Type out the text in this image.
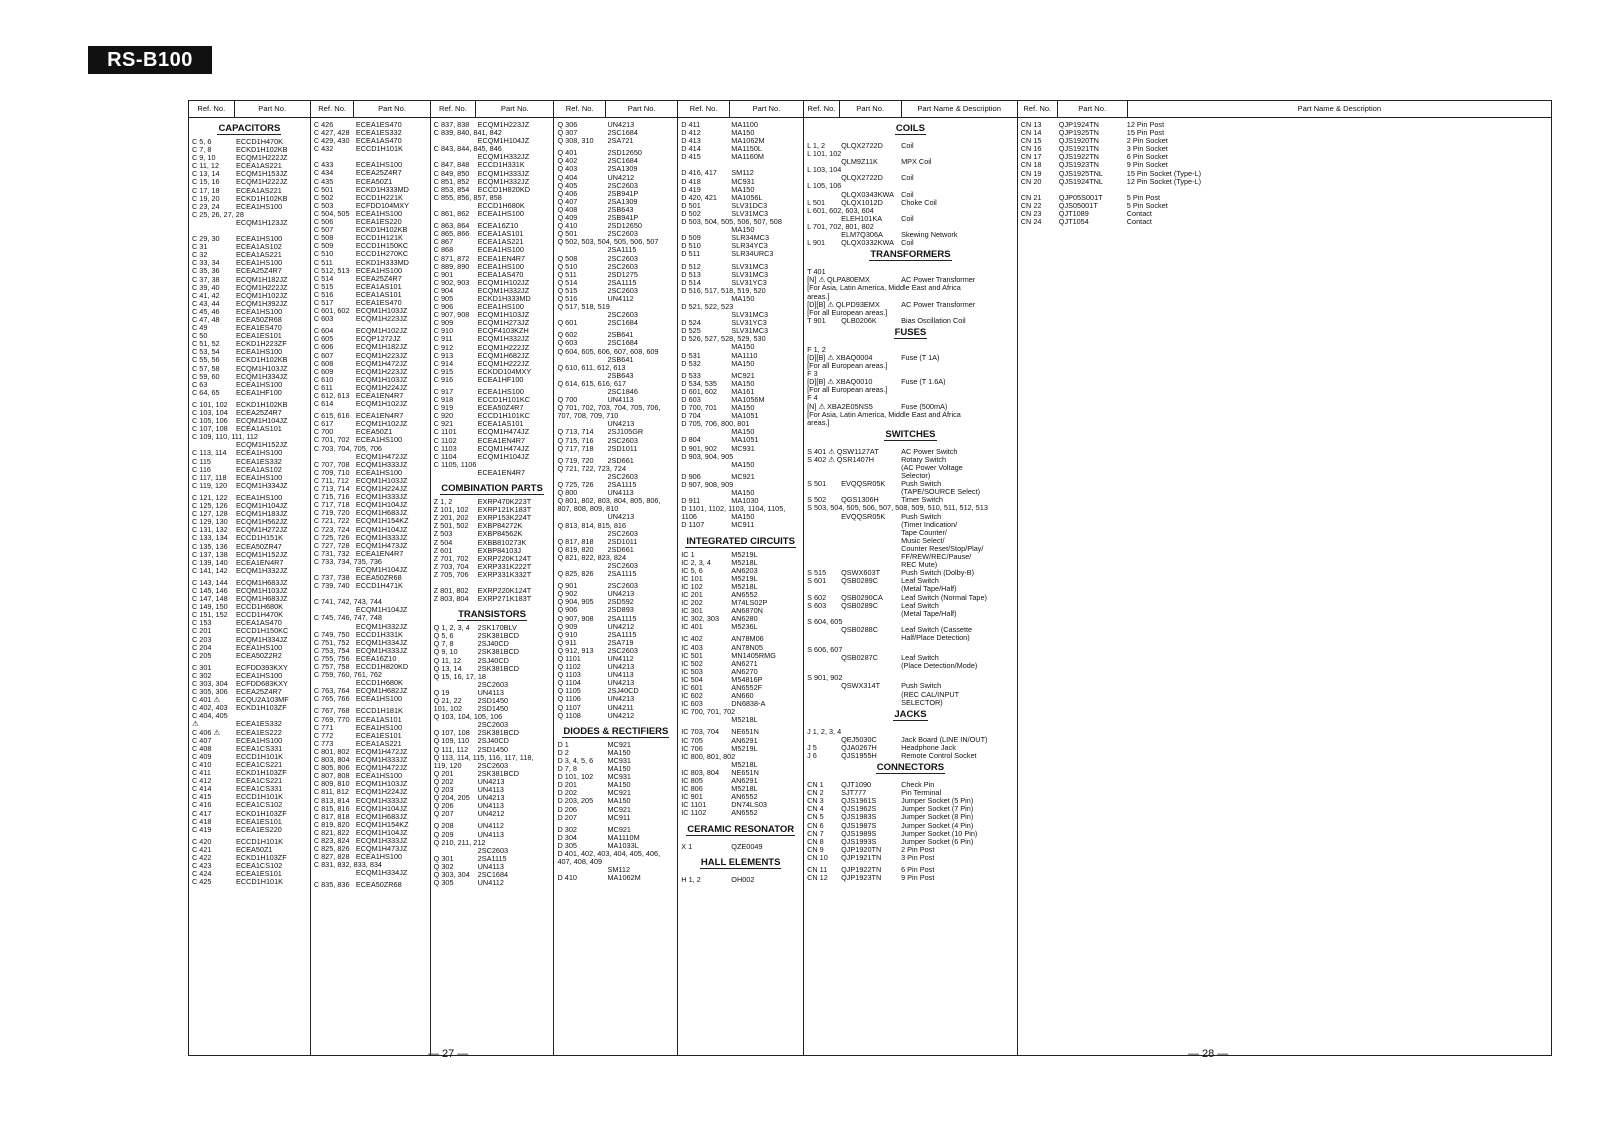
RS-B100
Ref. No.	Part No.
CAPACITORS
C 5, 6	ECCD1H470K
C 7, 8	ECKD1H102KB
C 9, 10	ECQM1H222JZ
C 11, 12 ECEA1AS221
C 13, 14 ECQM1H153JZ
C 15, 16 ECQM1H222JZ
C 17, 18 ECEA1AS221
C 19, 20 ECKD1H102KB
C 23, 24 ECEA1HS100
C 25, 26, 27, 28
ECQM1H123JZ
C 29, 30 ECEA1HS100
C 31	ECEA1AS102
C 32	ECEA1AS221
C 33, 34 ECEA1HS100
C 35, 36 ECEA25Z4R7
C 37, 38 ECQM1H182JZ
C 39, 40 ECQM1H222JZ
C 41, 42 ECQM1H102JZ
C 43, 44 ECQM1H392JZ
C 45, 46 ECEA1HS100
C 47, 48 ECEA50ZR68
C 49	ECEA1ES470
C 50	ECEA1ES101
C 51, 52 ECKD1H223ZF
C 53, 54 ECEA1HS100
C 55, 56 ECKD1H102KB
C 57, 58 ECQM1H103JZ
C 59, 60 ECQM1H334JZ
C 63	ECEA1HS100
C 64, 65 ECEA1HF100
C 101, 102 ECKD1H102KB
C 103, 104 ECEA25Z4R7
C 105, 106 ECQM1H104JZ
C 107, 108 ECEA1AS101
C 109, 110, 111, 112
ECQM1H152JZ
C 113, 114 ECEA1HS100
C 115	ECEA1ES332
C 116	ECEA1AS102
C 117, 118 ECEA1HS100
C 119, 120 ECQM1H334JZ
C 121, 122 ECEA1HS100
C 125, 126 ECQM1H104JZ
C 127, 128 ECQM1H183JZ
C 129, 130 ECQM1H562JZ
C 131, 132 ECQM1H272JZ
C 133, 134 ECCD1H151K
C 135, 136 ECEA50ZR47
C 137, 138 ECQM1H152JZ
C 139, 140 ECEA1EN4R7
C 141, 142 ECQM1H332JZ
C 143, 144 ECQM1H683JZ
C 145, 146 ECQM1H103JZ
C 147, 148 ECQM1H683JZ
C 149, 150 ECCD1H680K
C 151, 152 ECCD1H470K
C 153	ECEA1AS470
C 201	ECCD1H150KC
C 203	ECQM1H334JZ
C 204	ECEA1HS100
C 205	ECEA50Z2R2
C 301	ECFDD393KXY
C 302	ECEA1HS100
C 303, 304 ECFDD683KXY
C 305, 306 ECEA25Z4R7
C 401 ⚠ ECQU2A103MF
C 402, 403 ECKD1H103ZF
C 404, 405
⚠	ECEA1ES332
C 406 ⚠ ECEA1ES222
C 407	ECEA1HS100
C 408	ECEA1CS331
C 409	ECCD1H101K
C 410	ECEA1CS221
C 411	ECKD1H103ZF
C 412	ECEA1CS221
C 414	ECEA1CS331
C 415	ECCD1H101K
C 416	ECEA1CS102
C 417	ECKD1H103ZF
C 418	ECEA1ES101
C 419	ECEA1ES220
C 420	ECCD1H101K
C 421	ECEA50Z1
C 422	ECKD1H103ZF
C 423	ECEA1CS102
C 424	ECEA1ES101
C 425	ECCD1H101K
Ref. No.	Part No.
C 426	ECEA1ES470
C 427, 428 ECEA1ES332
C 429, 430 ECEA1AS470
C 432	ECCD1H101K
C 433	ECEA1HS100
C 434	ECEA25Z4R7
C 435	ECEA50Z1
C 501	ECKD1H333MD
C 502	ECCD1H221K
C 503	ECFDD104MXY
C 504, 505 ECEA1HS100
C 506	ECEA1ES220
C 507	ECKD1H102KB
C 508	ECCD1H121K
C 509	ECCD1H150KC
C 510	ECCD1H270KC
C 511	ECKD1H333MD
C 512, 513 ECEA1HS100
C 514	ECEA25Z4R7
C 515	ECEA1AS101
C 516	ECEA1AS101
C 517	ECEA1ES470
C 601, 602 ECQM1H103JZ
C 603	ECQM1H223JZ
C 604	ECQM1H102JZ
C 605	ECQP1272JZ
C 606	ECQM1H182JZ
C 607	ECQM1H223JZ
C 608	ECQM1H472JZ
C 609	ECQM1H223JZ
C 610	ECQM1H103JZ
C 611	ECQM1H224JZ
C 612, 613 ECEA1EN4R7
C 614	ECQM1H102JZ
C 615, 616 ECEA1EN4R7
C 617	ECQM1H102JZ
C 700	ECEA50Z1
C 701, 702 ECEA1HS100
C 703, 704, 705, 706
ECQM1H472JZ
C 707, 708 ECQM1H333JZ
C 709, 710 ECEA1HS100
C 711, 712 ECQM1H103JZ
C 713, 714 ECQM1H224JZ
C 715, 716 ECQM1H333JZ
C 717, 718 ECQM1H104JZ
C 719, 720 ECQM1H683JZ
C 721, 722 ECQM1H154KZ
C 723, 724 ECQM1H104JZ
C 725, 726 ECQM1H333JZ
C 727, 728 ECQM1H473JZ
C 731, 732 ECEA1EN4R7
C 733, 734, 735, 736
ECQM1H104JZ
C 737, 738 ECEA50ZR68
C 739, 740 ECCD1H471K
C 741, 742, 743, 744
ECQM1H104JZ
C 745, 746, 747, 748
ECQM1H332JZ
C 749, 750 ECCD1H331K
C 751, 752 ECQM1H334JZ
C 753, 754 ECQM1H333JZ
C 755, 756 ECEA16Z10
C 757, 758 ECCD1H820KD
C 759, 760, 761, 762
ECCD1H680K
C 763, 764 ECQM1H682JZ
C 765, 766 ECEA1HS100
C 767, 768 ECCD1H181K
C 769, 770 ECEA1AS101
C 771	ECEA1HS100
C 772	ECEA1ES101
C 773	ECEA1AS221
C 801, 802 ECQM1H472JZ
C 803, 804 ECQM1H333JZ
C 805, 806 ECQM1H472JZ
C 807, 808 ECEA1HS100
C 809, 810 ECQM1H103JZ
C 811, 812 ECQM1H224JZ
C 813, 814 ECQM1H333JZ
C 815, 816 ECQM1H104JZ
C 817, 818 ECQM1H683JZ
C 819, 820 ECQM1H154KZ
C 821, 822 ECQM1H104JZ
C 823, 824 ECQM1H333JZ
C 825, 826 ECQM1H473JZ
C 827, 828 ECEA1HS100
C 831, 832, 833, 834
ECQM1H334JZ
C 835, 836 ECEA50ZR68
Ref. No.	Part No.
C 837, 838 ECQM1H223JZ
C 839, 840, 841, 842
ECQM1H104JZ
C 843, 844, 845, 846
ECQM1H332JZ
C 847, 848 ECCD1H331K
C 849, 850 ECQM1H333JZ
C 851, 852 ECQM1H332JZ
C 853, 854 ECCD1H820KD
C 855, 856, 857, 858
ECCD1H680K
C 861, 862 ECEA1HS100
C 863, 864 ECEA16Z10
C 865, 866 ECEA1AS101
C 867	ECEA1AS221
C 868	ECEA1HS100
C 871, 872 ECEA1EN4R7
C 889, 890 ECEA1HS100
C 901	ECEA1AS470
C 902, 903 ECQM1H102JZ
C 904	ECQM1H332JZ
C 905	ECKD1H333MD
C 906	ECEA1HS100
C 907, 908 ECQM1H103JZ
C 909	ECQM1H273JZ
C 910	ECQF4103KZH
C 911	ECQM1H332JZ
C 912	ECQM1H222JZ
C 913	ECQM1H682JZ
C 914	ECQM1H222JZ
C 915	ECKDD104MXY
C 916	ECEA1HF100
C 917	ECEA1HS100
C 918	ECCD1H101KC
C 919	ECEA50Z4R7
C 920	ECCD1H101KC
C 921	ECEA1AS101
C 1101	ECQM1H474JZ
C 1102	ECEA1EN4R7
C 1103	ECQM1H474JZ
C 1104	ECQM1H104JZ
C 1105, 1106
ECEA1EN4R7
COMBINATION PARTS
Z 1, 2	EXRP470K223T
Z 101, 102 EXRP121K183T
Z 201, 202 EXRP153K224T
Z 501, 502 EXBP84272K
Z 503	EXBP84562K
Z 504	EXBB810273K
Z 601	EXBP84103J
Z 701, 702 EXRP220K124T
Z 703, 704 EXRP331K222T
Z 705, 706 EXRP331K332T
Z 801, 802 EXRP220K124T
Z 803, 804 EXRP271K183T
TRANSISTORS
Q 1, 2, 3, 4 2SK170BLV
Q 5, 6	2SK381BCD
Q 7, 8	2SJ40CD
Q 9, 10	2SK381BCD
Q 11, 12 2SJ40CD
Q 13, 14 2SK381BCD
Q 15, 16, 17, 18
2SC2603
Q 19	UN4113
Q 21, 22 2SD1450
101, 102 2SD1450
Q 103, 104, 105, 106
2SC2603
Q 107, 108 2SK381BCD
Q 109, 110 2SJ40CD
Q 111, 112 2SD1450
Q 113, 114, 115, 116, 117, 118,
119, 120 2SC2603
Q 201	2SK381BCD
Q 202	UN4213
Q 203	UN4113
Q 204, 205 UN4213
Q 206	UN4113
Q 207	UN4212
Q 208	UN4112
Q 209	UN4113
Q 210, 211, 212
2SC2603
Q 301	2SA1115
Q 302	UN4113
Q 303, 304 2SC1684
Q 305	UN4112
Ref. No.	Part No.
Q 306	UN4213
Q 307	2SC1684
Q 308, 310 2SA721
Q 401	2SD12650
Q 402	2SC1684
Q 403	2SA1309
Q 404	UN4212
Q 405	2SC2603
Q 406	2SB941P
Q 407	2SA1309
Q 408	2SB643
Q 409	2SB941P
Q 410	2SD12650
Q 501	2SC2603
Q 502, 503, 504, 505, 506, 507
2SA1115
Q 508	2SC2603
Q 510	2SC2603
Q 511	2SD1275
Q 514	2SA1115
Q 515	2SC2603
Q 516	UN4112
Q 517, 518, 519
2SC2603
Q 601	2SC1684
Q 602	2SB641
Q 603	2SC1684
Q 604, 605, 606, 607, 608, 609
2SB641
Q 610, 611, 612, 613
2SB643
Q 614, 615, 616, 617
2SC1846
Q 700	UN4113
Q 701, 702, 703, 704, 705, 706,
707, 708, 709, 710
UN4213
Q 713, 714 2SJ105GR
Q 715, 716 2SC2603
Q 717, 718 2SD1011
Q 719, 720 2SD661
Q 721, 722, 723, 724
2SC2603
Q 725, 726 2SA1115
Q 800	UN4113
Q 801, 802, 803, 804, 805, 806,
807, 808, 809, 810
UN4213
Q 813, 814, 815, 816
2SC2603
Q 817, 818 2SD1011
Q 819, 820 2SD661
Q 821, 822, 823, 824
2SC2603
Q 825, 826 2SA1115
Q 901	2SC2603
Q 902	UN4213
Q 904, 905 2SD592
Q 906	2SD893
Q 907, 908 2SA1115
Q 909	UN4212
Q 910	2SA1115
Q 911	2SA719
Q 912, 913 2SC2603
Q 1101	UN4112
Q 1102	UN4213
Q 1103	UN4113
Q 1104	UN4213
Q 1105	2SJ40CD
Q 1106	UN4213
Q 1107	UN4211
Q 1108	UN4212
DIODES & RECTIFIERS
D 1	MC921
D 2	MA150
D 3, 4, 5, 6 MC931
D 7, 8	MA150
D 101, 102 MC931
D 201	MA150
D 202	MC921
D 203, 205 MA150
D 206	MC921
D 207	MC911
D 302	MC921
D 304	MA1110M
D 305	MA1033L
D 401, 402, 403, 404, 405, 406,
407, 408, 409
SM112
D 410	MA1062M
Ref. No.	Part No.
D 411	MA1100
D 412	MA150
D 413	MA1062M
D 414	MA1150L
D 415	MA1160M
D 416, 417 SM112
D 418	MC931
D 419	MA150
D 420, 421 MA1056L
D 501	SLV31DC3
D 502	SLV31MC3
D 503, 504, 505, 506, 507, 508
MA150
D 509	SLR34MC3
D 510	SLR34YC3
D 511	SLR34URC3
D 512	SLV31MC3
D 513	SLV31MC3
D 514	SLV31YC3
D 516, 517, 518, 519, 520
MA150
D 521, 522, 523
SLV31MC3
D 524	SLV31YC3
D 525	SLV31MC3
D 526, 527, 528, 529, 530
MA150
D 531	MA1110
D 532	MA150
D 533	MC921
D 534, 535 MA150
D 601, 602 MA161
D 603	MA1056M
D 700, 701 MA150
D 704	MA1051
D 705, 706, 800, 801
MA150
D 804	MA1051
D 901, 902 MC931
D 903, 904, 905
MA150
D 906	MC921
D 907, 908, 909
MA150
D 911	MA1030
D 1101, 1102, 1103, 1104, 1105,
1106	MA150
D 1107	MC911
INTEGRATED CIRCUITS
IC 1	M5219L
IC 2, 3, 4	M5218L
IC 5, 6	AN6203
IC 101	M5219L
IC 102	M5218L
IC 201	AN6552
IC 202	M74LS02P
IC 301	AN6870N
IC 302, 303 AN6280
IC 401	M5236L
IC 402	AN78M06
IC 403	AN78N05
IC 501	MN1405RMG
IC 502	AN6271
IC 503	AN6270
IC 504	M54816P
IC 601	AN6552F
IC 602	AN660
IC 603	DN6838-A
IC 700, 701, 702
M5218L
IC 703, 704 NE651N
IC 705	AN6291
IC 706	M5219L
IC 800, 801, 802
M5218L
IC 803, 804 NE651N
IC 805	AN6291
IC 806	M5218L
IC 901	AN6552
IC 1101	DN74LS03
IC 1102	AN6552
CERAMIC RESONATOR
X 1	QZE0049
HALL ELEMENTS
H 1, 2	OH002
Ref. No.	Part No.	Part Name & Description
COILS
L 1, 2 QLQX2722D Coil
L 101, 102
QLM9Z11K	MPX Coil
L 103, 104
QLQX2722D Coil
L 105, 106
QLQX0343KWA Coil
L 501 QLQX1012D Choke Coil
L 601, 602, 603, 604
ELEH101KA	Coil
L 701, 702, 801, 802
ELM7Q306A Skewing Network
L 901 QLQX0332KWA Coil
TRANSFORMERS
T 401
[N] ⚠ QLPA80EMX	AC Power Transformer
[For Asia, Latin America, Middle East and Africa
areas.]
[D][B] ⚠ QLPD93EMX	AC Power Transformer
[For all European areas.]
T 901 QLB0206K	Bias Oscillation Coil
FUSES
F 1, 2
[D][B] ⚠ XBAQ0004	Fuse (T 1A)
[For all European areas.]
F 3
[D][B] ⚠ XBAQ0010	Fuse (T 1.6A)
[For all European areas.]
F 4
[N] ⚠ XBA2E05NS5	Fuse (500mA)
[For Asia, Latin America, Middle East and Africa
areas.]
SWITCHES
S 401 ⚠ QSW1127AT	AC Power Switch
S 402 ⚠ QSR1407H	Rotary Switch
(AC Power Voltage
Selector)
S 501 EVQQSR05K Push Switch
(TAPE/SOURCE Select)
S 502 QGS1306H	Timer Switch
S 503, 504, 505, 506, 507, 508, 509, 510, 511, 512, 513
EVQQSR05K Push Switch
(Timer Indication/
Tape Counter/
Music Select/
Counter Reset/Stop/Play/
FF/REW/REC/Pause/
REC Mute)
S 515 QSWX603T	Push Switch (Dolby-B)
S 601 QSB0289C	Leaf Switch
(Metal Tape/Half)
S 602 QSB0290CA Leaf Switch (Normal Tape)
S 603 QSB0289C	Leaf Switch
(Metal Tape/Half)
S 604, 605
QSB0288C	Leaf Switch (Cassette
Half/Place Detection)
S 606, 607
QSB0287C	Leaf Switch
(Place Detection/Mode)
S 901, 902
QSWX314T	Push Switch
(REC CAL/INPUT
SELECTOR)
JACKS
J 1, 2, 3, 4
QEJ5030C	Jack Board (LINE IN/OUT)
J 5	QJA0267H	Headphone Jack
J 6	QJS1955H	Remote Control Socket
CONNECTORS
CN 1 QJT1090	Check Pin
CN 2 SJT777	Pin Terminal
CN 3 QJS1961S	Jumper Socket (5 Pin)
CN 4 QJS1962S	Jumper Socket (7 Pin)
CN 5 QJS1983S	Jumper Socket (8 Pin)
CN 6 QJS1987S	Jumper Socket (4 Pin)
CN 7 QJS1989S	Jumper Socket (10 Pin)
CN 8 QJS1993S	Jumper Socket (6 Pin)
CN 9 QJP1920TN	2 Pin Post
CN 10 QJP1921TN	3 Pin Post
CN 11 QJP1922TN	6 Pin Post
CN 12 QJP1923TN	9 Pin Post
Ref. No.	Part No.	Part Name & Description
CN 13 QJP1924TN	12 Pin Post
CN 14 QJP1925TN	15 Pin Post
CN 15 QJS1920TN	2 Pin Socket
CN 16 QJS1921TN	3 Pin Socket
CN 17 QJS1922TN	6 Pin Socket
CN 18 QJS1923TN	9 Pin Socket
CN 19 QJS1925TNL	15 Pin Socket (Type-L)
CN 20 QJS1924TNL	12 Pin Socket (Type-L)
CN 21 QJP05S001T	5 Pin Post
CN 22 QJS05001T	5 Pin Socket
CN 23 QJT1089	Contact
CN 24 QJT1054	Contact
— 27 —	— 28 —
